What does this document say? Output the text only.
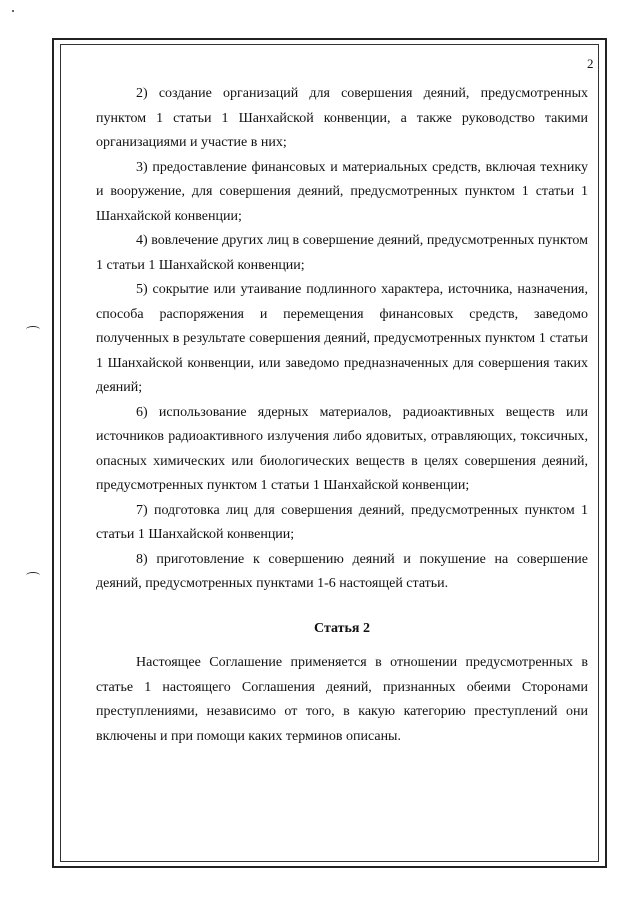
2

2) создание организаций для совершения деяний, предусмотренных пунктом 1 статьи 1 Шанхайской конвенции, а также руководство такими организациями и участие в них;

3) предоставление финансовых и материальных средств, включая технику и вооружение, для совершения деяний, предусмотренных пунктом 1 статьи 1 Шанхайской конвенции;

4) вовлечение других лиц в совершение деяний, предусмотренных пунктом 1 статьи 1 Шанхайской конвенции;

5) сокрытие или утаивание подлинного характера, источника, назначения, способа распоряжения и перемещения финансовых средств, заведомо полученных в результате совершения деяний, предусмотренных пунктом 1 статьи 1 Шанхайской конвенции, или заведомо предназначенных для совершения таких деяний;

6) использование ядерных материалов, радиоактивных веществ или источников радиоактивного излучения либо ядовитых, отравляющих, токсичных, опасных химических или биологических веществ в целях совершения деяний, предусмотренных пунктом 1 статьи 1 Шанхайской конвенции;

7) подготовка лиц для совершения деяний, предусмотренных пунктом 1 статьи 1 Шанхайской конвенции;

8) приготовление к совершению деяний и покушение на совершение деяний, предусмотренных пунктами 1-6 настоящей статьи.

Статья 2

Настоящее Соглашение применяется в отношении предусмотренных в статье 1 настоящего Соглашения деяний, признанных обеими Сторонами преступлениями, независимо от того, в какую категорию преступлений они включены и при помощи каких терминов описаны.
